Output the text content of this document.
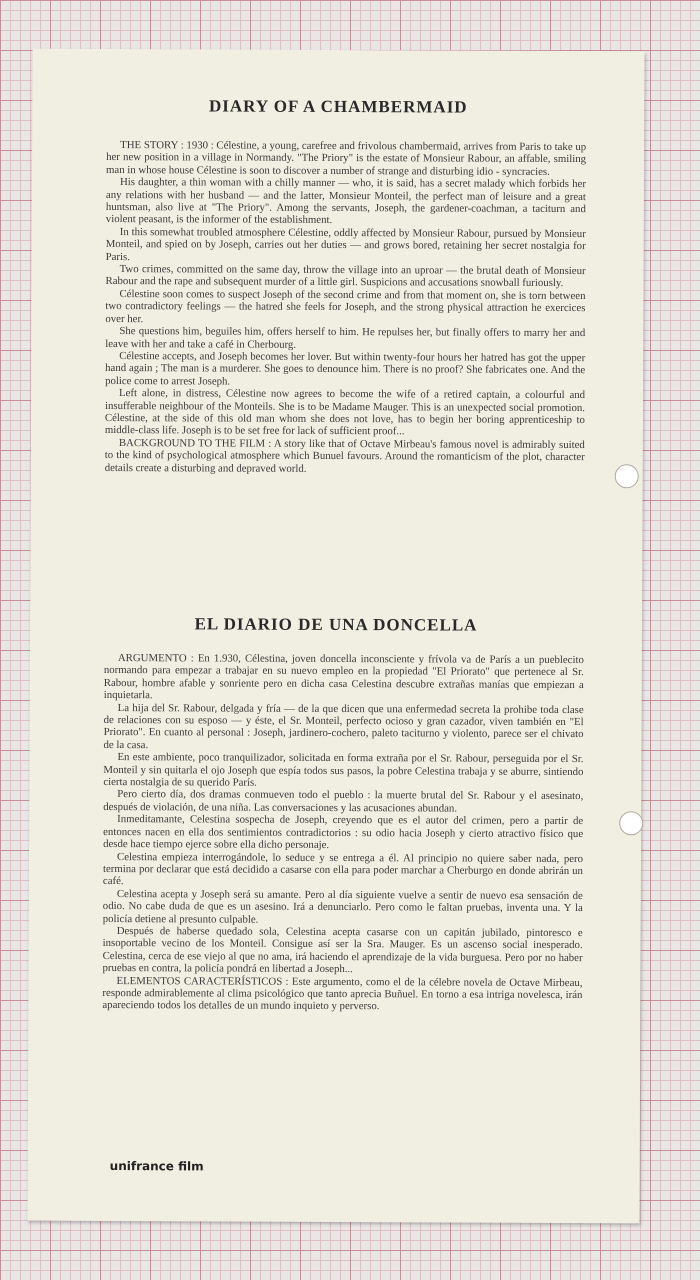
DIARY OF A CHAMBERMAID

THE STORY : 1930 : Célestine, a young, carefree and frivolous chambermaid, arrives from Paris to take up her new position in a village in Normandy. "The Priory" is the estate of Monsieur Rabour, an affable, smiling man in whose house Célestine is soon to discover a number of strange and disturbing idio - syncracies.

His daughter, a thin woman with a chilly manner — who, it is said, has a secret malady which forbids her any relations with her husband — and the latter, Monsieur Monteil, the perfect man of leisure and a great huntsman, also live at "The Priory". Among the servants, Joseph, the gardener-coachman, a taciturn and violent peasant, is the informer of the establishment.

In this somewhat troubled atmosphere Célestine, oddly affected by Monsieur Rabour, pursued by Monsieur Monteil, and spied on by Joseph, carries out her duties — and grows bored, retaining her secret nostalgia for Paris.

Two crimes, committed on the same day, throw the village into an uproar — the brutal death of Monsieur Rabour and the rape and subsequent murder of a little girl. Suspicions and accusations snowball furiously.

Célestine soon comes to suspect Joseph of the second crime and from that moment on, she is torn between two contradictory feelings — the hatred she feels for Joseph, and the strong physical attraction he exercices over her.

She questions him, beguiles him, offers herself to him. He repulses her, but finally offers to marry her and leave with her and take a café in Cherbourg.

Célestine accepts, and Joseph becomes her lover. But within twenty-four hours her hatred has got the upper hand again ; The man is a murderer. She goes to denounce him. There is no proof? She fabricates one. And the police come to arrest Joseph.

Left alone, in distress, Célestine now agrees to become the wife of a retired captain, a colourful and insufferable neighbour of the Monteils. She is to be Madame Mauger. This is an unexpected social promotion. Célestine, at the side of this old man whom she does not love, has to begin her boring apprenticeship to middle-class life. Joseph is to be set free for lack of sufficient proof...

BACKGROUND TO THE FILM : A story like that of Octave Mirbeau's famous novel is admirably suited to the kind of psychological atmosphere which Bunuel favours. Around the romanticism of the plot, character details create a disturbing and depraved world.

EL DIARIO DE UNA DONCELLA

ARGUMENTO : En 1.930, Célestina, joven doncella inconsciente y frívola va de París a un pueblecito normando para empezar a trabajar en su nuevo empleo en la propiedad "El Priorato" que pertenece al Sr. Rabour, hombre afable y sonriente pero en dicha casa Celestina descubre extrañas manías que empiezan a inquietarla.

La hija del Sr. Rabour, delgada y fría — de la que dicen que una enfermedad secreta la prohibe toda clase de relaciones con su esposo — y éste, el Sr. Monteil, perfecto ocioso y gran cazador, viven también en "El Priorato". En cuanto al personal : Joseph, jardinero-cochero, paleto taciturno y violento, parece ser el chivato de la casa.

En este ambiente, poco tranquilizador, solicitada en forma extraña por el Sr. Rabour, perseguida por el Sr. Monteil y sin quitarla el ojo Joseph que espía todos sus pasos, la pobre Celestina trabaja y se aburre, sintiendo cierta nostalgia de su querido París.

Pero cierto día, dos dramas conmueven todo el pueblo : la muerte brutal del Sr. Rabour y el asesinato, después de violación, de una niña. Las conversaciones y las acusaciones abundan.

Inmeditamante, Celestina sospecha de Joseph, creyendo que es el autor del crimen, pero a partir de entonces nacen en ella dos sentimientos contradictorios : su odio hacia Joseph y cierto atractivo físico que desde hace tiempo ejerce sobre ella dicho personaje.

Celestina empieza interrogándole, lo seduce y se entrega a él. Al principio no quiere saber nada, pero termina por declarar que está decidido a casarse con ella para poder marchar a Cherburgo en donde abrirán un café.

Celestina acepta y Joseph será su amante. Pero al día siguiente vuelve a sentir de nuevo esa sensación de odio. No cabe duda de que es un asesino. Irá a denunciarlo. Pero como le faltan pruebas, inventa una. Y la policía detiene al presunto culpable.

Después de haberse quedado sola, Celestina acepta casarse con un capitán jubilado, pintoresco e insoportable vecino de los Monteil. Consigue así ser la Sra. Mauger. Es un ascenso social inesperado. Celestina, cerca de ese viejo al que no ama, irá haciendo el aprendizaje de la vida burguesa. Pero por no haber pruebas en contra, la policía pondrá en libertad a Joseph...

ELEMENTOS CARACTERÍSTICOS : Este argumento, como el de la célebre novela de Octave Mirbeau, responde admirablemente al clima psicológico que tanto aprecia Buñuel. En torno a esa intriga novelesca, irán apareciendo todos los detalles de un mundo inquieto y perverso.

unifrance film
